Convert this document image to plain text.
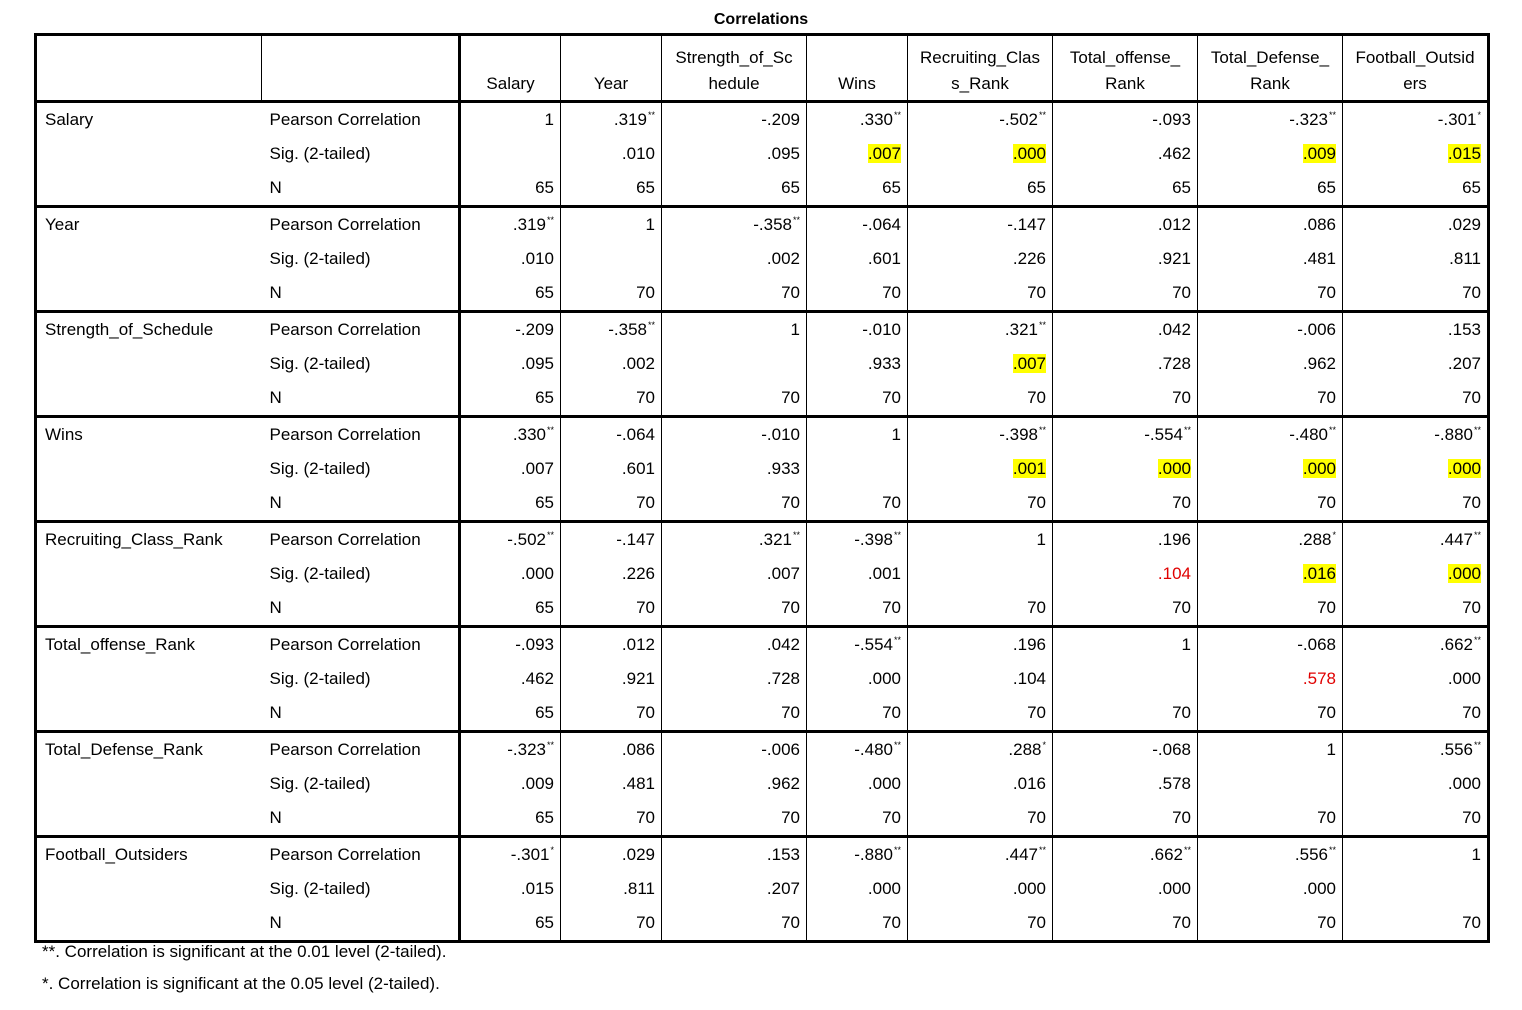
Correlations
				Strength_of_Sc		Recruiting_Clas	Total_offense_	Total_Defense_	Football_Outsid
		Salary	Year	hedule	Wins	s_Rank	Rank	Rank	ers
Salary	Pearson Correlation	1	.319**	-.209	.330**	-.502**	-.093	-.323**	-.301*
	Sig. (2-tailed)		.010	.095	.007	.000	.462	.009	.015
	N	65	65	65	65	65	65	65	65
Year	Pearson Correlation	.319**	1	-.358**	-.064	-.147	.012	.086	.029
	Sig. (2-tailed)	.010		.002	.601	.226	.921	.481	.811
	N	65	70	70	70	70	70	70	70
Strength_of_Schedule	Pearson Correlation	-.209	-.358**	1	-.010	.321**	.042	-.006	.153
	Sig. (2-tailed)	.095	.002		.933	.007	.728	.962	.207
	N	65	70	70	70	70	70	70	70
Wins	Pearson Correlation	.330**	-.064	-.010	1	-.398**	-.554**	-.480**	-.880**
	Sig. (2-tailed)	.007	.601	.933		.001	.000	.000	.000
	N	65	70	70	70	70	70	70	70
Recruiting_Class_Rank	Pearson Correlation	-.502**	-.147	.321**	-.398**	1	.196	.288*	.447**
	Sig. (2-tailed)	.000	.226	.007	.001		.104	.016	.000
	N	65	70	70	70	70	70	70	70
Total_offense_Rank	Pearson Correlation	-.093	.012	.042	-.554**	.196	1	-.068	.662**
	Sig. (2-tailed)	.462	.921	.728	.000	.104		.578	.000
	N	65	70	70	70	70	70	70	70
Total_Defense_Rank	Pearson Correlation	-.323**	.086	-.006	-.480**	.288*	-.068	1	.556**
	Sig. (2-tailed)	.009	.481	.962	.000	.016	.578		.000
	N	65	70	70	70	70	70	70	70
Football_Outsiders	Pearson Correlation	-.301*	.029	.153	-.880**	.447**	.662**	.556**	1
	Sig. (2-tailed)	.015	.811	.207	.000	.000	.000	.000	
	N	65	70	70	70	70	70	70	70
**. Correlation is significant at the 0.01 level (2-tailed).
*. Correlation is significant at the 0.05 level (2-tailed).
